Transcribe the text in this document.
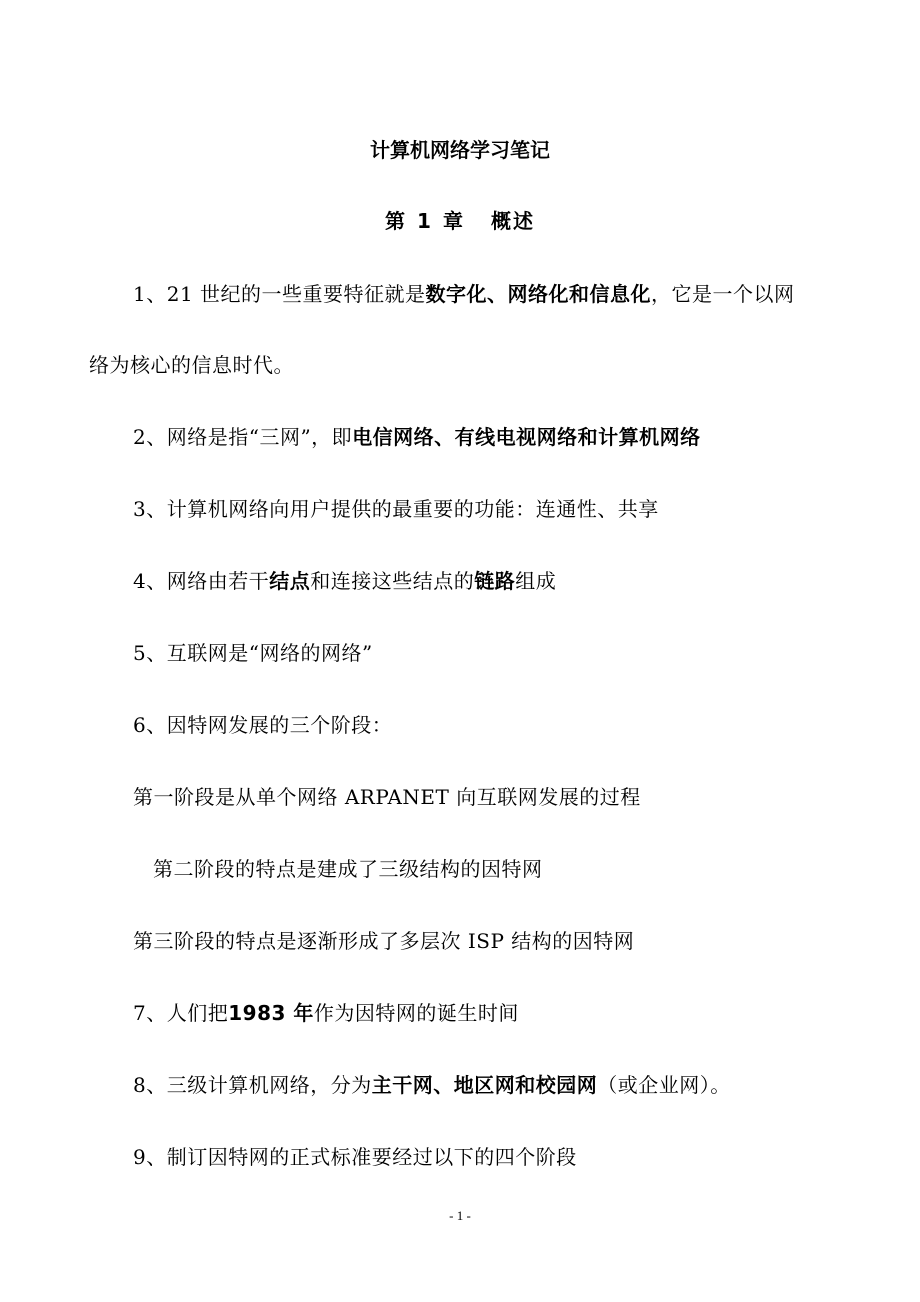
计算机网络学习笔记
第 1 章 概述
1、21 世纪的一些重要特征就是数字化、网络化和信息化，它是一个以网
络为核心的信息时代。
2、网络是指“三网”，即电信网络、有线电视网络和计算机网络
3、计算机网络向用户提供的最重要的功能：连通性、共享
4、网络由若干结点和连接这些结点的链路组成
5、互联网是“网络的网络”
6、因特网发展的三个阶段：
第一阶段是从单个网络 ARPANET 向互联网发展的过程
第二阶段的特点是建成了三级结构的因特网
第三阶段的特点是逐渐形成了多层次 ISP 结构的因特网
7、人们把1983 年作为因特网的诞生时间
8、三级计算机网络，分为主干网、地区网和校园网（或企业网）。
9、制订因特网的正式标准要经过以下的四个阶段
- 1 -
